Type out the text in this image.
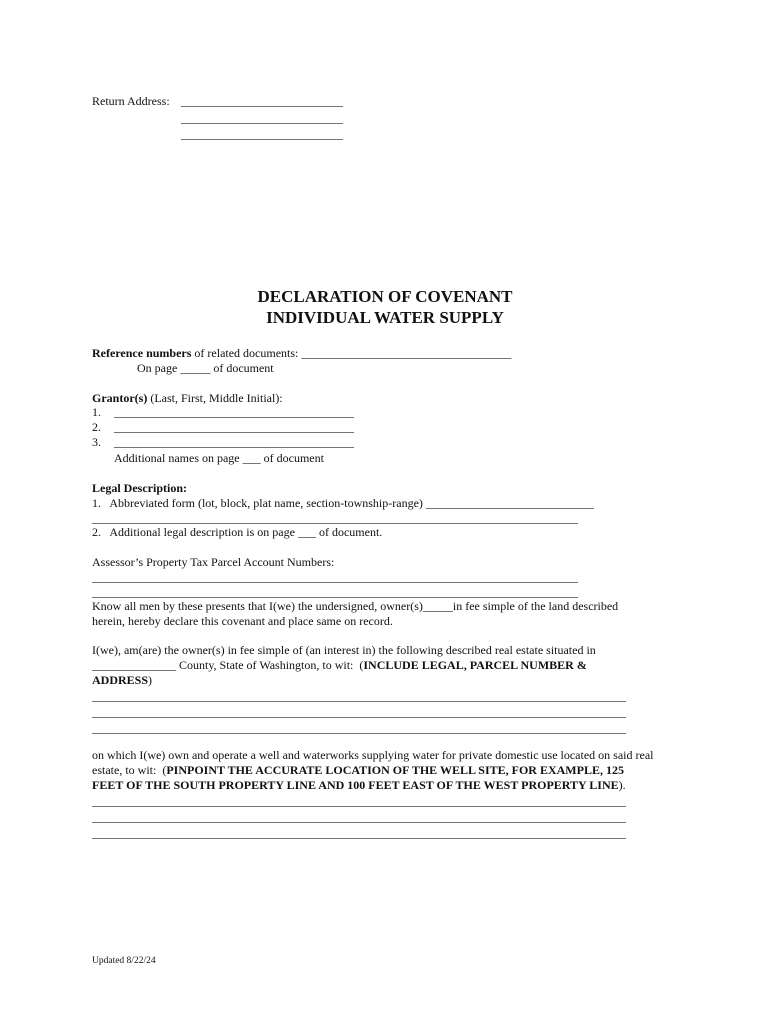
Return Address: ___________________________
___________________________
___________________________
DECLARATION OF COVENANT
INDIVIDUAL WATER SUPPLY
Reference numbers of related documents: ___________________________________
On page _____ of document
Grantor(s) (Last, First, Middle Initial):
1. ________________________________________
2. ________________________________________
3. ________________________________________
Additional names on page ___ of document
Legal Description:
1.   Abbreviated form (lot, block, plat name, section-township-range) ____________________________
_________________________________________________________________________________
2.   Additional legal description is on page ___ of document.
Assessor’s Property Tax Parcel Account Numbers:
_________________________________________________________________________________
_________________________________________________________________________________
Know all men by these presents that I(we) the undersigned, owner(s)_____in fee simple of the land described
herein, hereby declare this covenant and place same on record.
I(we), am(are) the owner(s) in fee simple of (an interest in) the following described real estate situated in
______________ County, State of Washington, to wit:  (INCLUDE LEGAL, PARCEL NUMBER &
ADDRESS)
_________________________________________________________________________________________
_________________________________________________________________________________________
_________________________________________________________________________________________
on which I(we) own and operate a well and waterworks supplying water for private domestic use located on said real
estate, to wit:  (PINPOINT THE ACCURATE LOCATION OF THE WELL SITE, FOR EXAMPLE, 125
FEET OF THE SOUTH PROPERTY LINE AND 100 FEET EAST OF THE WEST PROPERTY LINE).
_________________________________________________________________________________________
_________________________________________________________________________________________
_________________________________________________________________________________________
Updated 8/22/24
